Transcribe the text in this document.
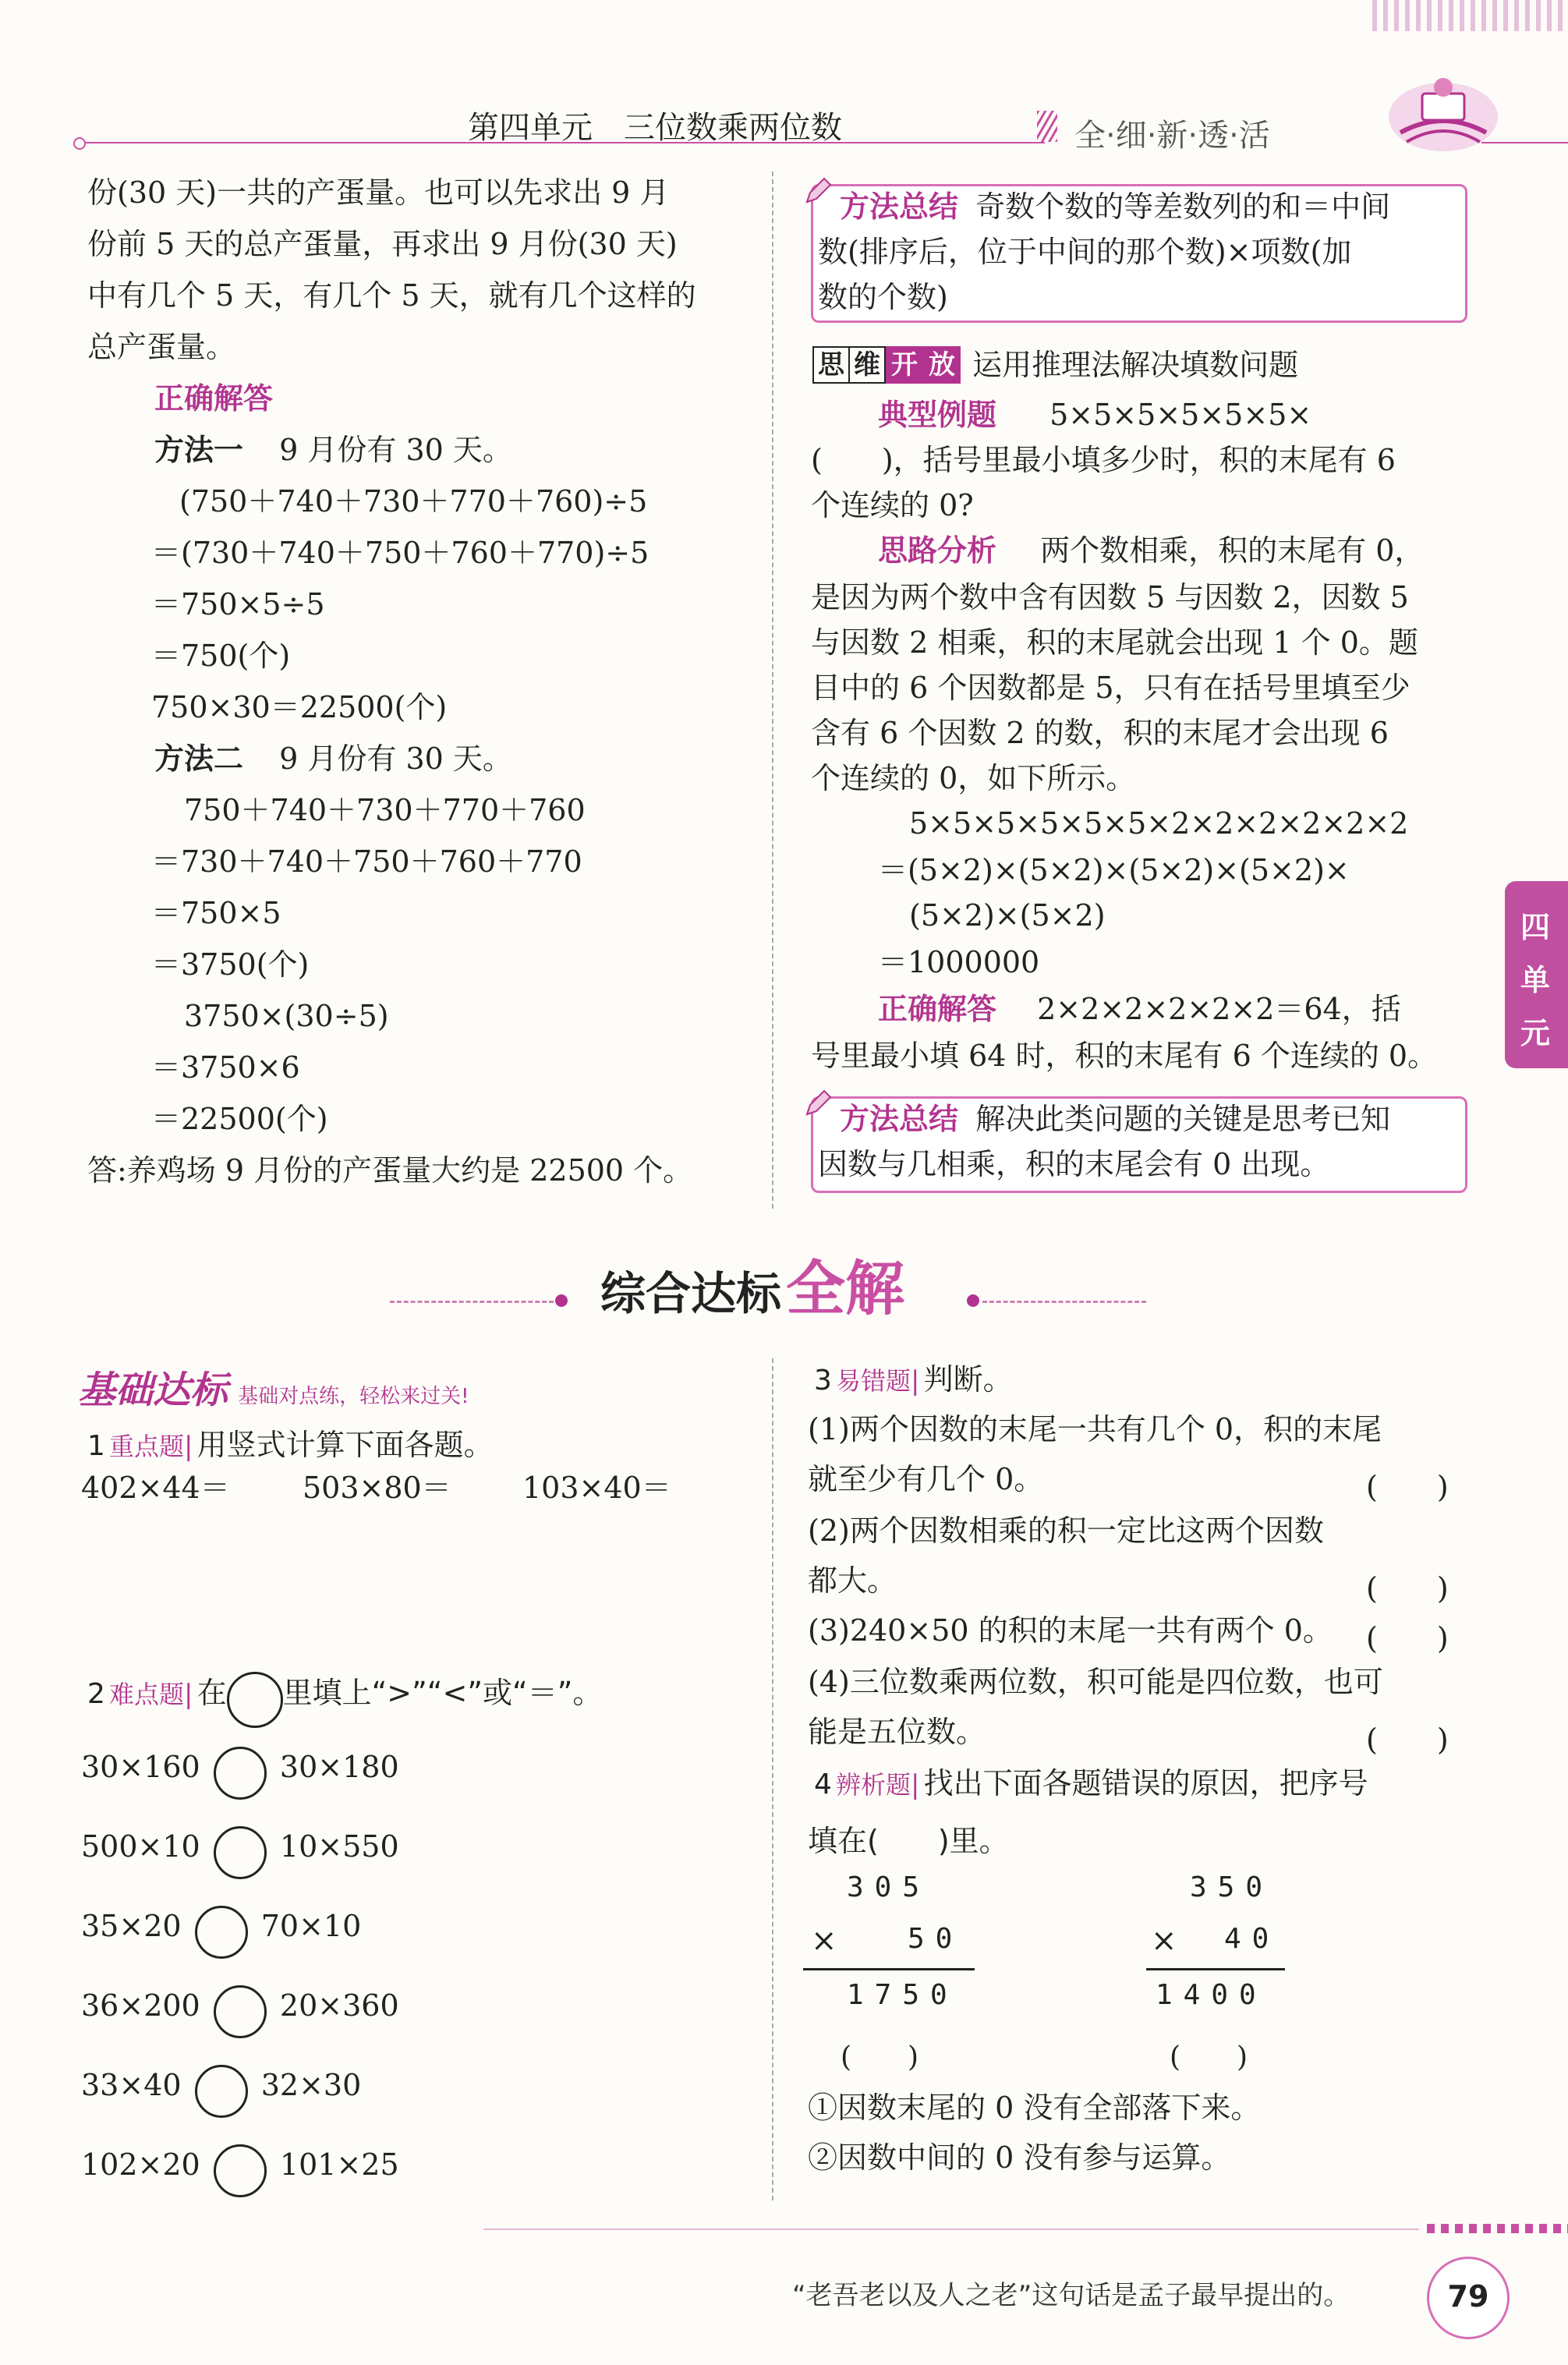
第四单元　三位数乘两位数	全·细·新·透·活
四
单
元
份(30 天)一共的产蛋量。也可以先求出 9 月
份前 5 天的总产蛋量，再求出 9 月份(30 天)
中有几个 5 天，有几个 5 天，就有几个这样的
总产蛋量。
正确解答
方法一 9 月份有 30 天。
(750＋740＋730＋770＋760)÷5
＝(730＋740＋750＋760＋770)÷5
＝750×5÷5
＝750(个)
750×30＝22500(个)
方法二 9 月份有 30 天。
750＋740＋730＋770＋760
＝730＋740＋750＋760＋770
＝750×5
＝3750(个)
3750×(30÷5)
＝3750×6
＝22500(个)
答:养鸡场 9 月份的产蛋量大约是 22500 个。
方法总结 奇数个数的等差数列的和＝中间
数(排序后，位于中间的那个数)×项数(加
数的个数)
思 维 开 放 运用推理法解决填数问题
典型例题 5×5×5×5×5×5×
(　　)，括号里最小填多少时，积的末尾有 6
个连续的 0?
思路分析 两个数相乘，积的末尾有 0，
是因为两个数中含有因数 5 与因数 2，因数 5
与因数 2 相乘，积的末尾就会出现 1 个 0。题
目中的 6 个因数都是 5，只有在括号里填至少
含有 6 个因数 2 的数，积的末尾才会出现 6
个连续的 0，如下所示。
5×5×5×5×5×5×2×2×2×2×2×2
＝(5×2)×(5×2)×(5×2)×(5×2)×
(5×2)×(5×2)
＝1000000
正确解答 2×2×2×2×2×2＝64，括
号里最小填 64 时，积的末尾有 6 个连续的 0。
方法总结 解决此类问题的关键是思考已知
因数与几相乘，积的末尾会有 0 出现。
综合达标全解
基础达标 基础对点练，轻松来过关!
1 重点题| 用竖式计算下面各题。
402×44＝ 503×80＝ 103×40＝
2 难点题| 在 里填上“>”“<”或“＝”。
30×160	30×180
500×10	10×550
35×20	70×10
36×200	20×360
33×40	32×30
102×20	101×25
3 易错题| 判断。
(1)两个因数的末尾一共有几个 0，积的末尾
就至少有几个 0。	(　　)
(2)两个因数相乘的积一定比这两个因数
都大。	(　　)
(3)240×50 的积的末尾一共有两个 0。 (　　)
(4)三位数乘两位数，积可能是四位数，也可
能是五位数。	(　　)
4 辨析题| 找出下面各题错误的原因，把序号
填在(　　)里。
305
×	50
1750
(　　)
350
× 40
1400
(　　)
①因数末尾的 0 没有全部落下来。
②因数中间的 0 没有参与运算。
“老吾老以及人之老”这句话是孟子最早提出的。	79
